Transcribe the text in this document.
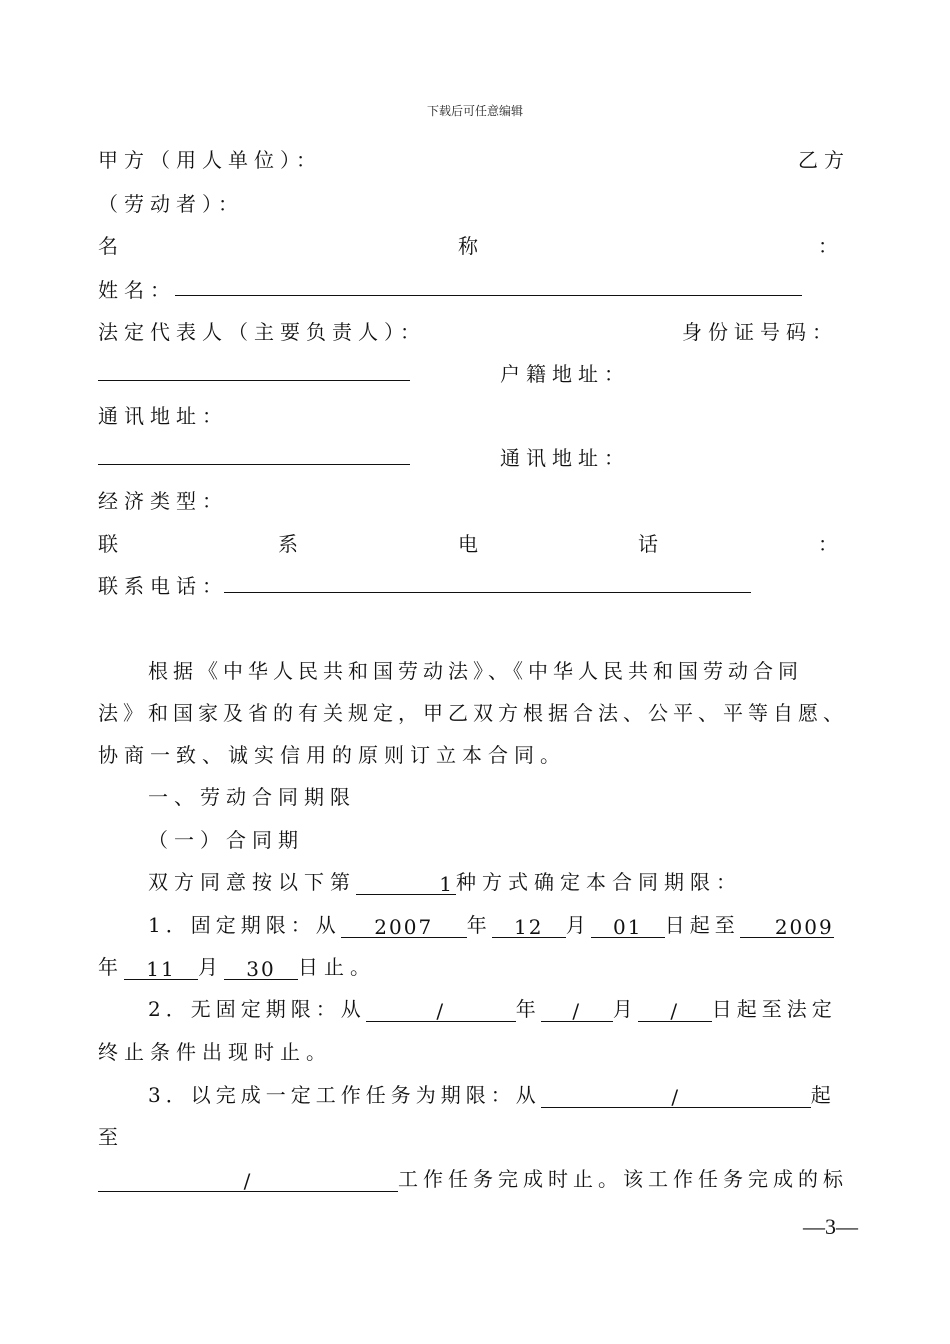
下载后可任意编辑
甲方（用人单位）：	乙方
（劳动者）：
名	称	：
姓名：
法定代表人（主要负责人）：	身份证号码：
户籍地址：
通讯地址：
通讯地址：
经济类型：
联	系	电	话	：
联系电话：
根据《中华人民共和国劳动法》、《中华人民共和国劳动合同
法》和国家及省的有关规定，甲乙双方根据合法、公平、平等自愿、
协商一致、诚实信用的原则订立本合同。
一、劳动合同期限
（一）合同期
双方同意按以下第	1 种方式确定本合同期限：
1．固定期限：从 2007 年 12 月 01 日起至 2009
年 11 月 30 日止。
2．无固定期限：从	/	年 / 月 / 日起至法定
终止条件出现时止。
3．以完成一定工作任务为期限：从	/	起
至
/	工作任务完成时止。该工作任务完成的标
—3—
